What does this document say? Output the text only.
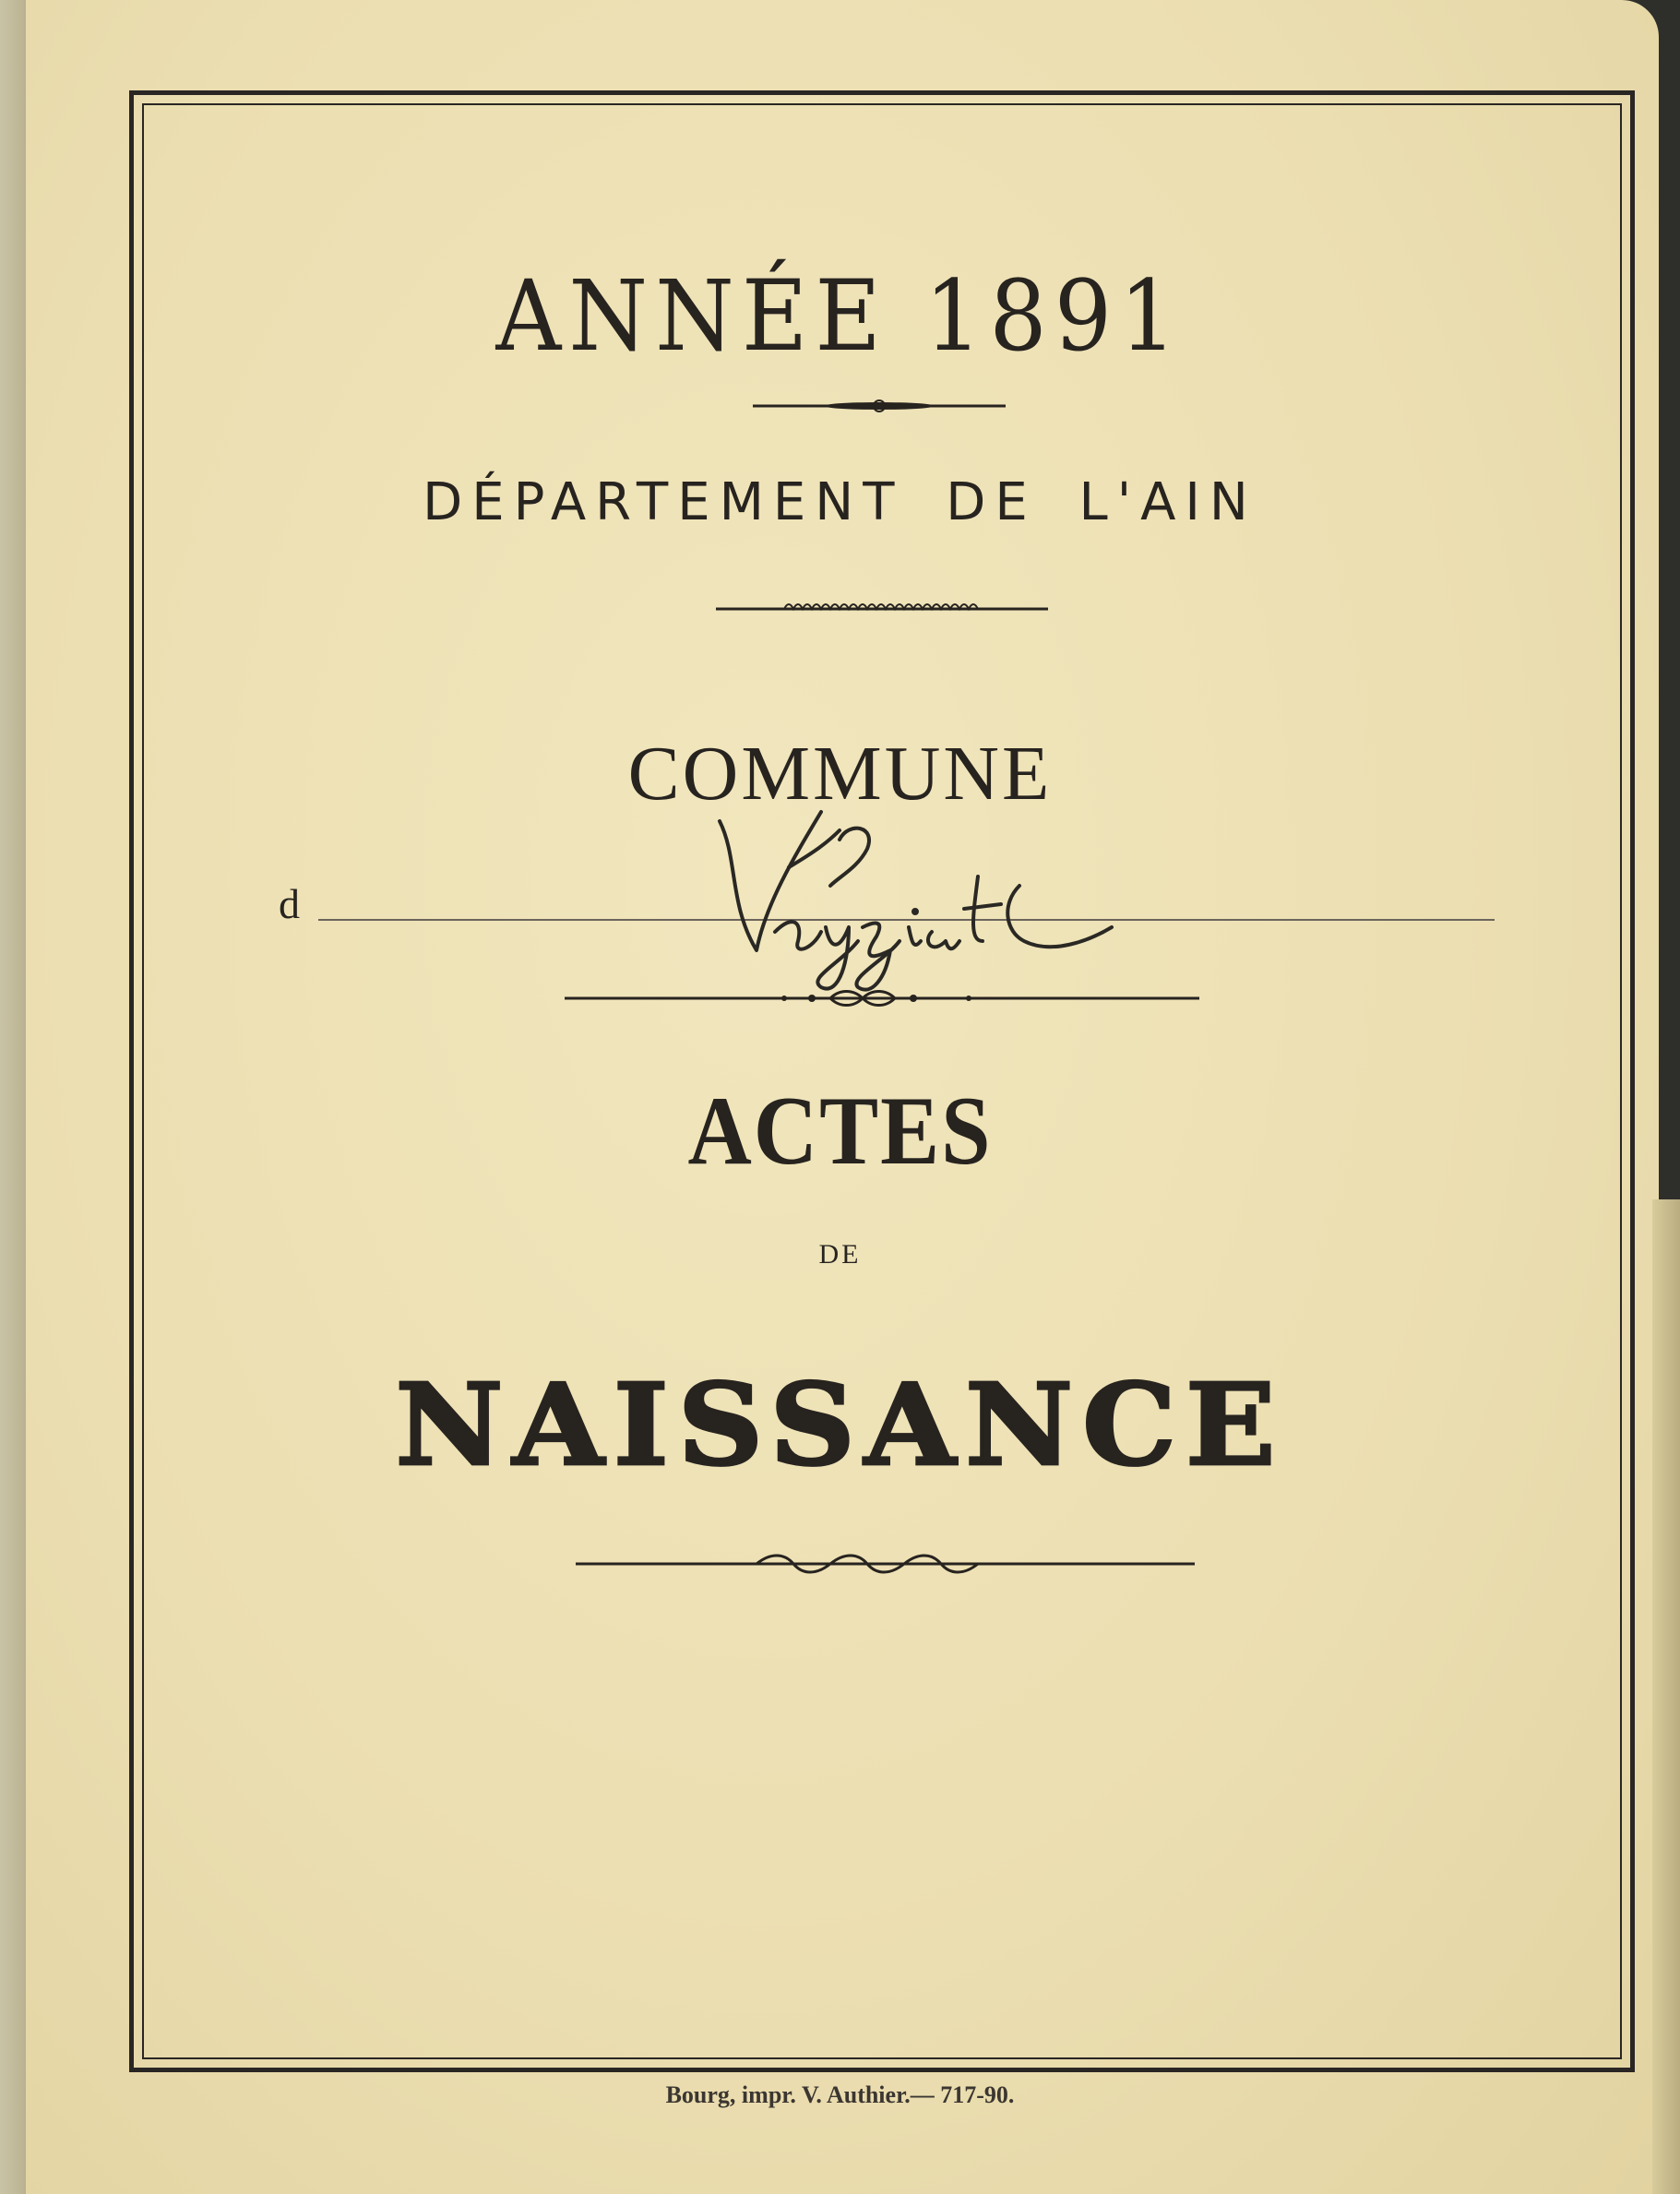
ANNÉE 1891
DÉPARTEMENT DE L'AIN
COMMUNE
d
ACTES
DE
NAISSANCE
Bourg, impr. V. Authier.— 717-90.
